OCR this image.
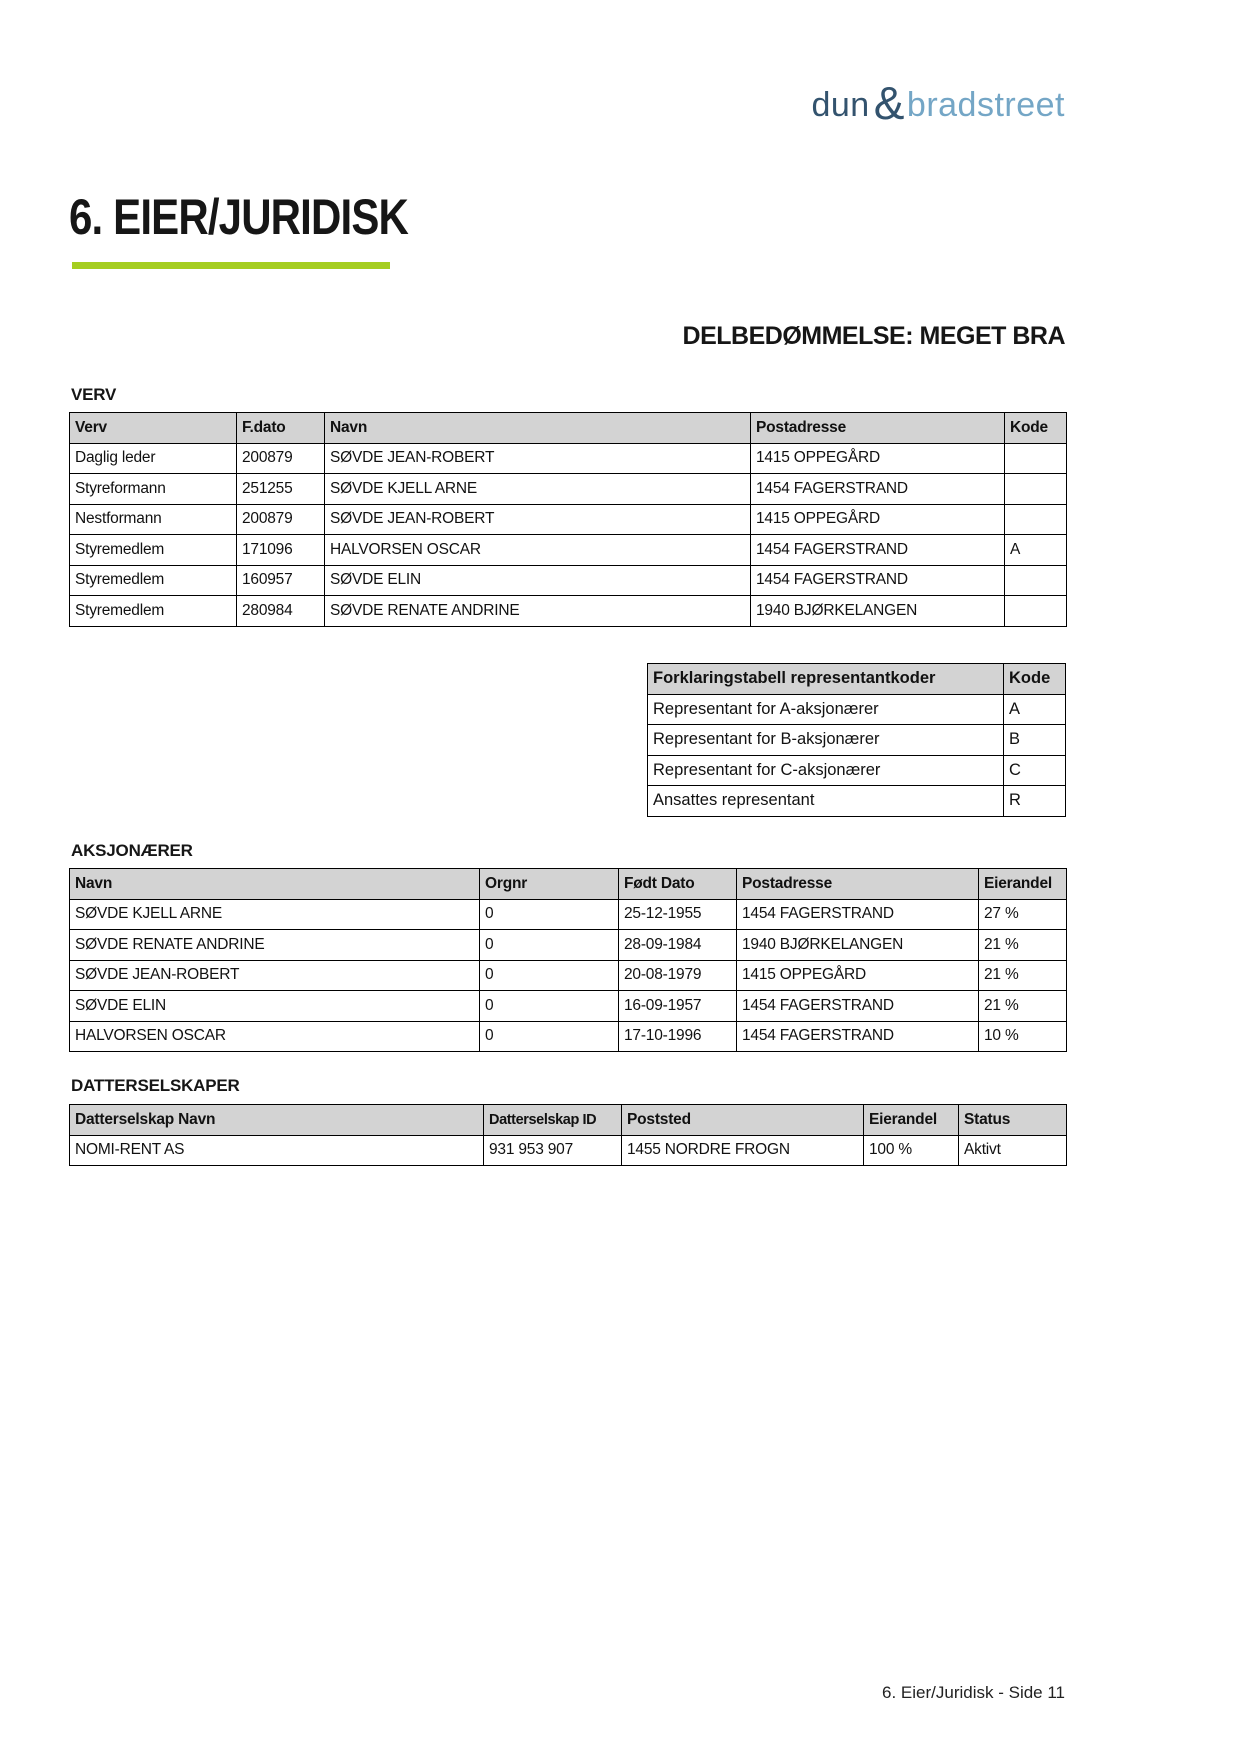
dun & bradstreet
6. EIER/JURIDISK
DELBEDØMMELSE: MEGET BRA
VERV
Verv	F.dato	Navn	Postadresse	Kode
Daglig leder	200879	SØVDE JEAN-ROBERT	1415 OPPEGÅRD	
Styreformann	251255	SØVDE KJELL ARNE	1454 FAGERSTRAND	
Nestformann	200879	SØVDE JEAN-ROBERT	1415 OPPEGÅRD	
Styremedlem	171096	HALVORSEN OSCAR	1454 FAGERSTRAND	A
Styremedlem	160957	SØVDE ELIN	1454 FAGERSTRAND	
Styremedlem	280984	SØVDE RENATE ANDRINE	1940 BJØRKELANGEN	
Forklaringstabell representantkoder	Kode
Representant for A-aksjonærer	A
Representant for B-aksjonærer	B
Representant for C-aksjonærer	C
Ansattes representant	R
AKSJONÆRER
Navn	Orgnr	Født Dato	Postadresse	Eierandel
SØVDE KJELL ARNE	0	25-12-1955	1454 FAGERSTRAND	27 %
SØVDE RENATE ANDRINE	0	28-09-1984	1940 BJØRKELANGEN	21 %
SØVDE JEAN-ROBERT	0	20-08-1979	1415 OPPEGÅRD	21 %
SØVDE ELIN	0	16-09-1957	1454 FAGERSTRAND	21 %
HALVORSEN OSCAR	0	17-10-1996	1454 FAGERSTRAND	10 %
DATTERSELSKAPER
Datterselskap Navn	Datterselskap ID	Poststed	Eierandel	Status
NOMI-RENT AS	931 953 907	1455 NORDRE FROGN	100 %	Aktivt
6. Eier/Juridisk - Side 11
